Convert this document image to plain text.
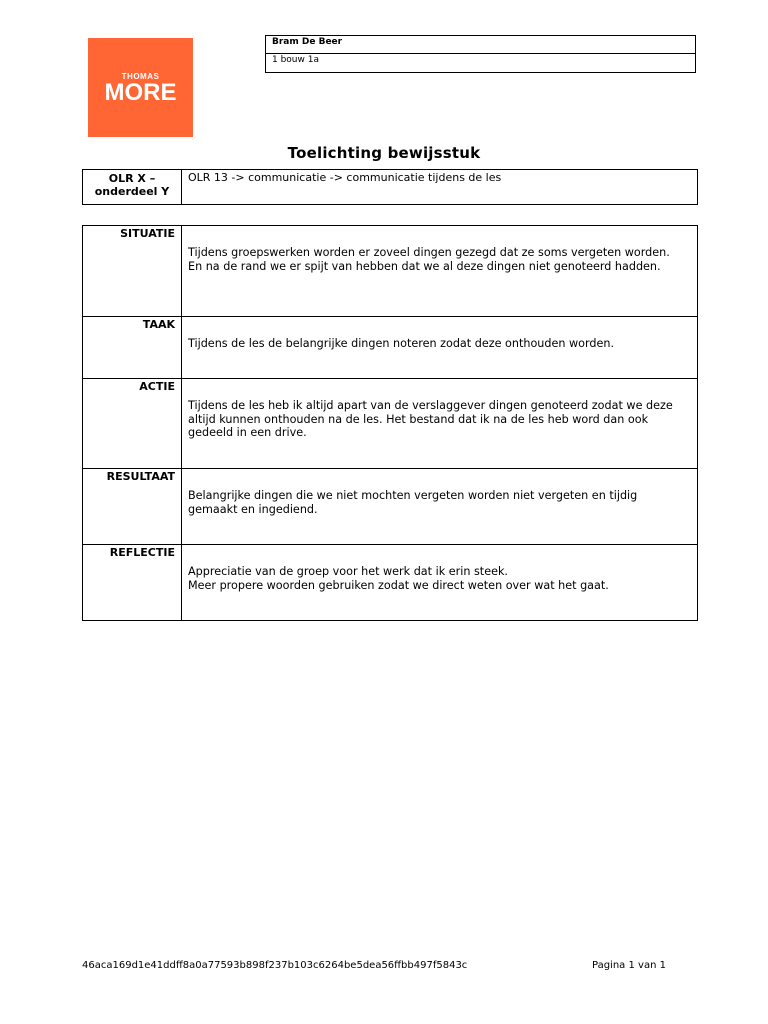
THOMAS
MORE
Bram De Beer
1 bouw 1a
Toelichting bewijsstuk
OLR X – onderdeel Y
OLR 13 -> communicatie -> communicatie tijdens de les
SITUATIE
Tijdens groepswerken worden er zoveel dingen gezegd dat ze soms vergeten worden. En na de rand we er spijt van hebben dat we al deze dingen niet genoteerd hadden.
TAAK
Tijdens de les de belangrijke dingen noteren zodat deze onthouden worden.
ACTIE
Tijdens de les heb ik altijd apart van de verslaggever dingen genoteerd zodat we deze altijd kunnen onthouden na de les. Het bestand dat ik na de les heb word dan ook gedeeld in een drive.
RESULTAAT
Belangrijke dingen die we niet mochten vergeten worden niet vergeten en tijdig gemaakt en ingediend.
REFLECTIE
Appreciatie van de groep voor het werk dat ik erin steek.
Meer propere woorden gebruiken zodat we direct weten over wat het gaat.
46aca169d1e41ddff8a0a77593b898f237b103c6264be5dea56ffbb497f5843c	Pagina 1 van 1
